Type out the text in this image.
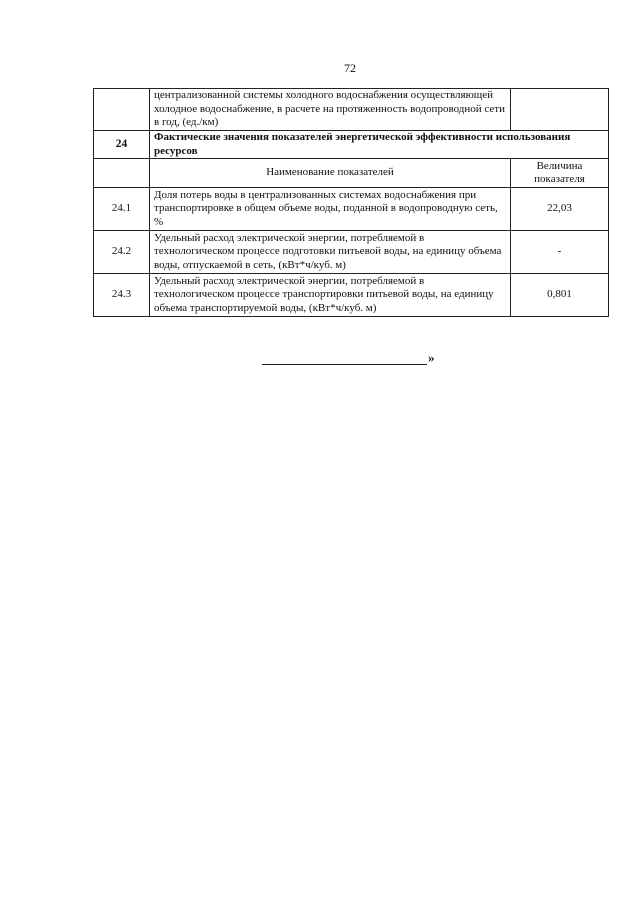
72
	централизованной системы холодного водоснабжения осуществляющей холодное водоснабжение, в расчете на протяженность водопроводной сети в год, (ед./км)	
24	Фактические значения показателей энергетической эффективности использования ресурсов	
	Наименование показателей	Величина показателя
24.1	Доля потерь воды в централизованных системах водоснабжения при транспортировке в общем объеме воды, поданной в водопроводную сеть, %	22,03
24.2	Удельный расход электрической энергии, потребляемой в технологическом процессе подготовки питьевой воды, на единицу объема воды, отпускаемой в сеть, (кВт*ч/куб. м)	-
24.3	Удельный расход электрической энергии, потребляемой в технологическом процессе транспортировки питьевой воды, на единицу объема транспортируемой воды, (кВт*ч/куб. м)	0,801
»
